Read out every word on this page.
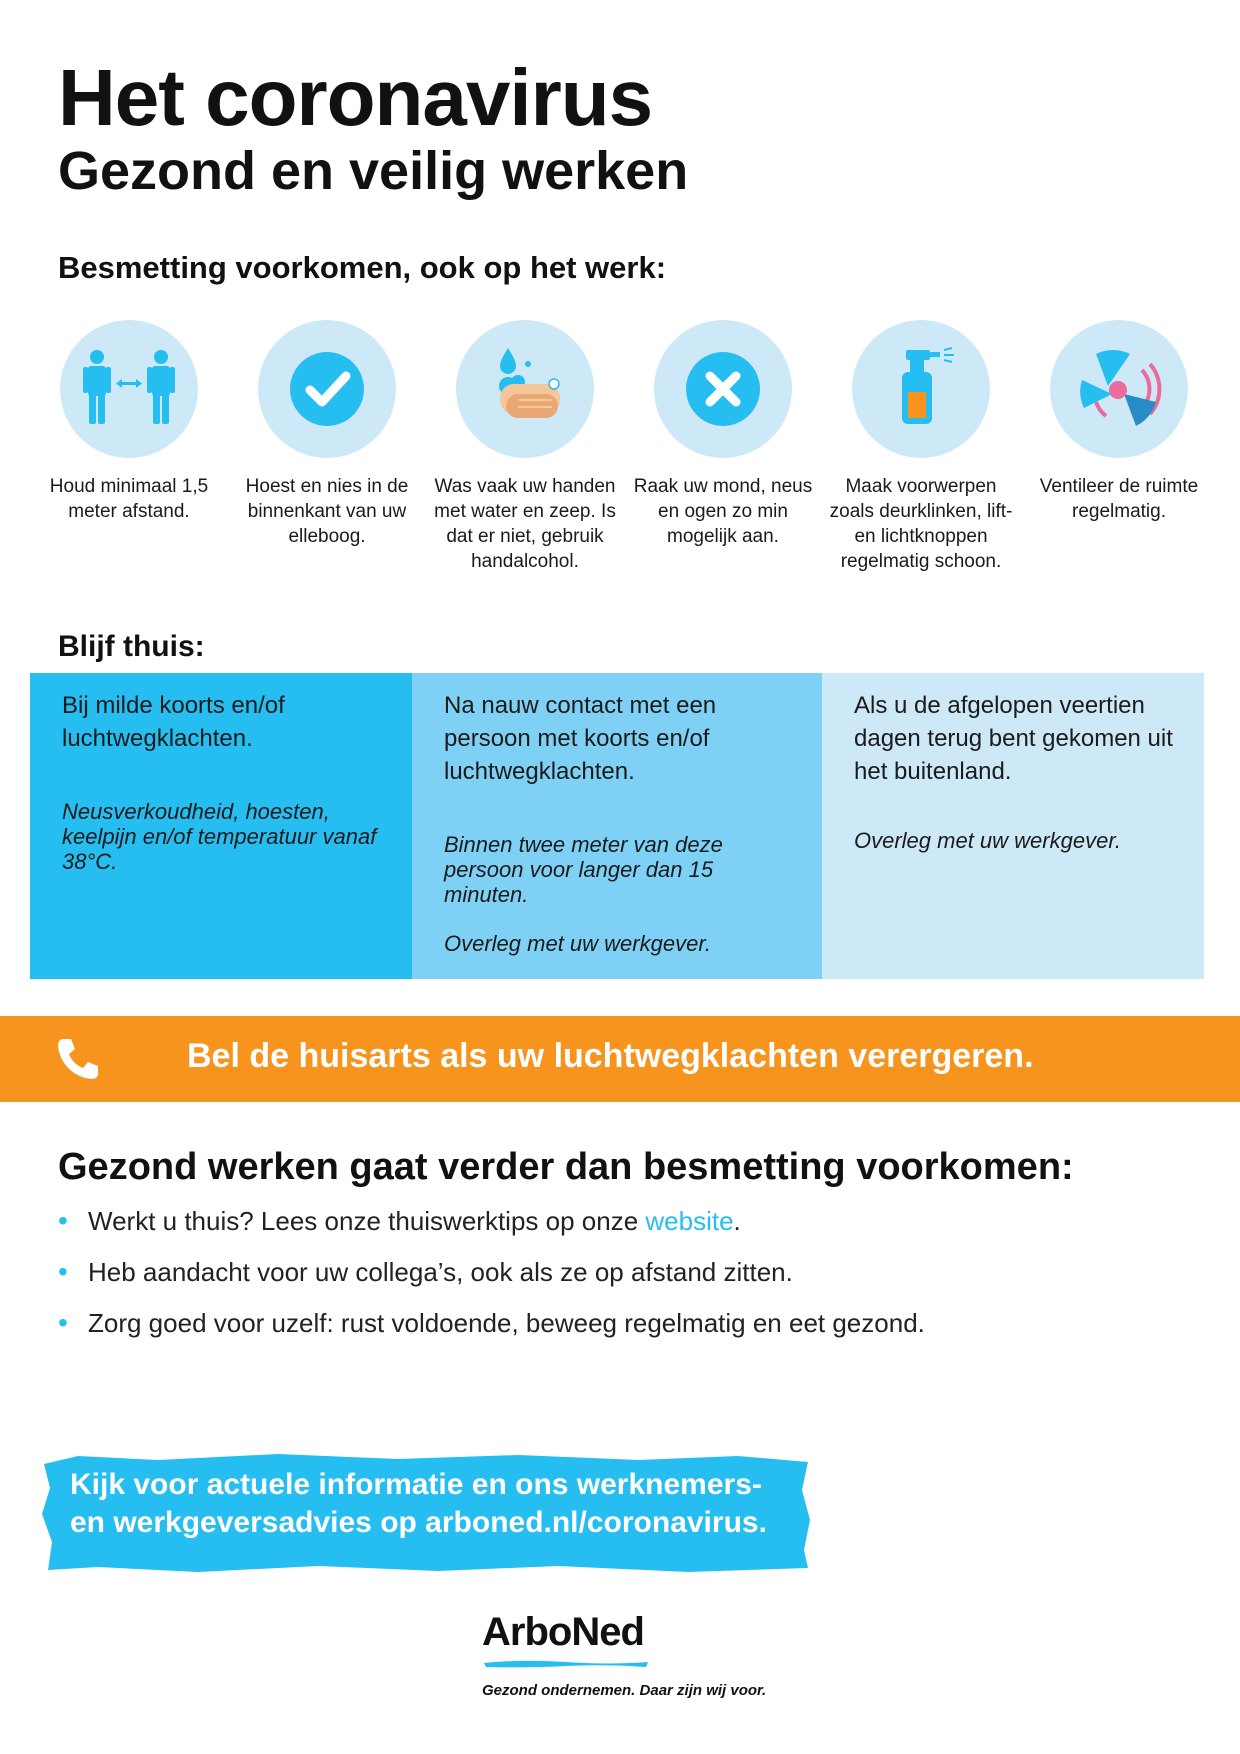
Het coronavirus
Gezond en veilig werken
Besmetting voorkomen, ook op het werk:
Houd minimaal 1,5 meter afstand.
Hoest en nies in de binnenkant van uw elleboog.
Was vaak uw handen met water en zeep. Is dat er niet, gebruik handalcohol.
Raak uw mond, neus en ogen zo min mogelijk aan.
Maak voorwerpen zoals deurklinken, lift- en lichtknoppen regelmatig schoon.
Ventileer de ruimte regelmatig.
Blijf thuis:
Bij milde koorts en/of luchtwegklachten.
Neusverkoudheid, hoesten, keelpijn en/of temperatuur vanaf 38°C.
Na nauw contact met een persoon met koorts en/of luchtwegklachten.
Binnen twee meter van deze persoon voor langer dan 15 minuten.
Overleg met uw werkgever.
Als u de afgelopen veertien dagen terug bent gekomen uit het buitenland.
Overleg met uw werkgever.
Bel de huisarts als uw luchtwegklachten verergeren.
Gezond werken gaat verder dan besmetting voorkomen:
• Werkt u thuis? Lees onze thuiswerktips op onze website.
• Heb aandacht voor uw collega’s, ook als ze op afstand zitten.
• Zorg goed voor uzelf: rust voldoende, beweeg regelmatig en eet gezond.
Kijk voor actuele informatie en ons werknemers-
en werkgeversadvies op arboned.nl/coronavirus.
ArboNed
Gezond ondernemen. Daar zijn wij voor.
